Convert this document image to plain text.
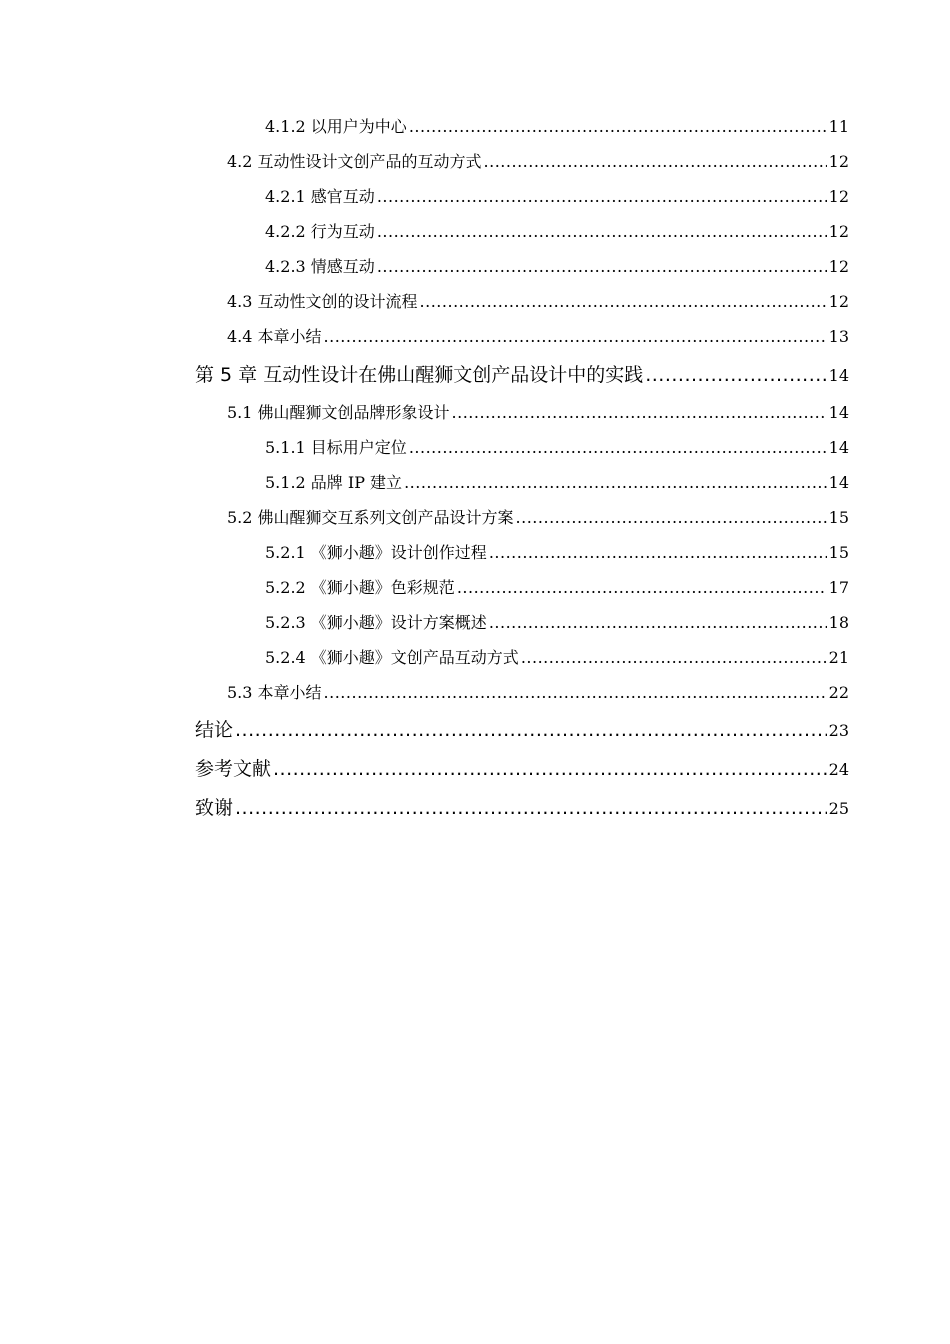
4.1.2 以用户为中心 .....	11
4.2 互动性设计文创产品的互动方式 .....	12
4.2.1 感官互动 .....	12
4.2.2 行为互动 .....	12
4.2.3 情感互动 .....	12
4.3 互动性文创的设计流程 .....	12
4.4 本章小结 .....	13
第 5 章 互动性设计在佛山醒狮文创产品设计中的实践 .....	14
5.1 佛山醒狮文创品牌形象设计 .....	14
5.1.1 目标用户定位 .....	14
5.1.2 品牌 IP 建立 .....	14
5.2 佛山醒狮交互系列文创产品设计方案 .....	15
5.2.1 《狮小趣》设计创作过程 .....	15
5.2.2 《狮小趣》色彩规范 .....	17
5.2.3 《狮小趣》设计方案概述 .....	18
5.2.4 《狮小趣》文创产品互动方式 .....	21
5.3 本章小结 .....	22
结论 .....	23
参考文献 .....	24
致谢 .....	25
